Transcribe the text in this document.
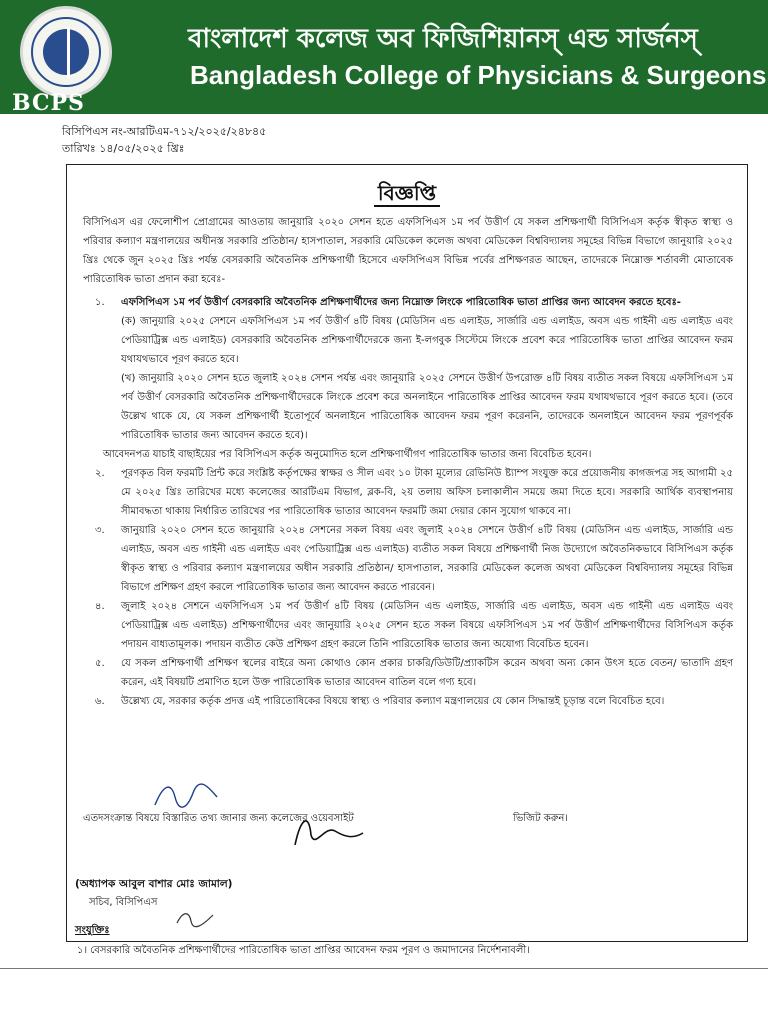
BCPS
বাংলাদেশ কলেজ অব ফিজিশিয়ানস্ এন্ড সার্জনস্
Bangladesh College of Physicians & Surgeons
বিসিপিএস নং-আরটিএম-৭১২/২০২৫/২৪৮৪৫
তারিখঃ ১৪/০৫/২০২৫ খ্রিঃ
বিজ্ঞপ্তি

বিসিপিএস এর ফেলোশীপ প্রোগ্রামের আওতায় জানুয়ারি ২০২০ সেশন হতে এফসিপিএস ১ম পর্ব উত্তীর্ণ যে সকল প্রশিক্ষণার্থী বিসিপিএস কর্তৃক স্বীকৃত স্বাস্থ্য ও পরিবার কল্যাণ মন্ত্রণালয়ের অধীনস্ত সরকারি প্রতিষ্ঠান/ হাসপাতাল, সরকারি মেডিকেল কলেজ অথবা মেডিকেল বিশ্ববিদ্যালয় সমূহের বিভিন্ন বিভাগে জানুয়ারি ২০২৫ খ্রিঃ থেকে জুন ২০২৫ খ্রিঃ পর্যন্ত বেসরকারি অবৈতনিক প্রশিক্ষণার্থী হিসেবে এফসিপিএস বিভিন্ন পর্বের প্রশিক্ষণরত আছেন, তাদেরকে নিম্নোক্ত শর্তাবলী মোতাবেক পারিতোষিক ভাতা প্রদান করা হবেঃ-

১.	এফসিপিএস ১ম পর্ব উত্তীর্ণ বেসরকারি অবৈতনিক প্রশিক্ষণার্থীদের জন্য নিম্নোক্ত লিংকে পারিতোষিক ভাতা প্রাপ্তির জন্য আবেদন করতে হবেঃ-

(ক) জানুয়ারি ২০২৫ সেশনে এফসিপিএস ১ম পর্ব উত্তীর্ণ ৪টি বিষয় (মেডিসিন এন্ড এলাইড, সার্জারি এন্ড এলাইড, অবস এন্ড গাইনী এন্ড এলাইড এবং পেডিয়াট্রিক্স এন্ড এলাইড) বেসরকারি অবৈতনিক প্রশিক্ষণার্থীদেরকে জন্য ই-লগবুক সিস্টেমে লিংকে প্রবেশ করে পারিতোষিক ভাতা প্রাপ্তির আবেদন ফরম যথাযথভাবে পূরণ করতে হবে।

(খ) জানুয়ারি ২০২০ সেশন হতে জুলাই ২০২৪ সেশন পর্যন্ত এবং জানুয়ারি ২০২৫ সেশনে উত্তীর্ণ উপরোক্ত ৪টি বিষয় ব্যতীত সকল বিষয়ে এফসিপিএস ১ম পর্ব উত্তীর্ণ বেসরকারি অবৈতনিক প্রশিক্ষণার্থীদেরকে লিংকে প্রবেশ করে অনলাইনে পারিতোষিক প্রাপ্তির আবেদন ফরম যথাযথভাবে পূরণ করতে হবে। (তবে উল্লেখ থাকে যে, যে সকল প্রশিক্ষণার্থী ইতোপূর্বে অনলাইনে পারিতোষিক আবেদন ফরম পূরণ করেননি, তাদেরকে অনলাইনে আবেদন ফরম পূরণপূর্বক পারিতোষিক ভাতার জন্য আবেদন করতে হবে)।

আবেদনপত্র যাচাই বাছাইয়ের পর বিসিপিএস কর্তৃক অনুমোদিত হলে প্রশিক্ষণার্থীগণ পারিতোষিক ভাতার জন্য বিবেচিত হবেন।

২.	পূরণকৃত বিল ফরমটি প্রিন্ট করে সংশ্লিষ্ট কর্তৃপক্ষের স্বাক্ষর ও সীল এবং ১০ টাকা মূল্যের রেভিনিউ ষ্ট্যাম্প সংযুক্ত করে প্রয়োজনীয় কাগজপত্র সহ আগামী ২৫ মে ২০২৫ খ্রিঃ তারিখের মধ্যে কলেজের আরটিএম বিভাগ, ব্লক-বি, ২য় তলায় অফিস চলাকালীন সময়ে জমা দিতে হবে। সরকারি আর্থিক ব্যবস্থাপনায় সীমাবদ্ধতা থাকায় নির্ধারিত তারিখের পর পারিতোষিক ভাতার আবেদন ফরমটি জমা দেয়ার কোন সুযোগ থাকবে না।
৩.	জানুয়ারি ২০২০ সেশন হতে জানুয়ারি ২০২৪ সেশনের সকল বিষয় এবং জুলাই ২০২৪ সেশনে উত্তীর্ণ ৪টি বিষয় (মেডিসিন এন্ড এলাইড, সার্জারি এন্ড এলাইড, অবস এন্ড গাইনী এন্ড এলাইড এবং পেডিয়াট্রিক্স এন্ড এলাইড) ব্যতীত সকল বিষয়ে প্রশিক্ষণার্থী নিজ উদ্যোগে অবৈতনিকভাবে বিসিপিএস কর্তৃক স্বীকৃত স্বাস্থ্য ও পরিবার কল্যাণ মন্ত্রণালয়ের অধীন সরকারি প্রতিষ্ঠান/ হাসপাতাল, সরকারি মেডিকেল কলেজ অথবা মেডিকেল বিশ্ববিদ্যালয় সমূহের বিভিন্ন বিভাগে প্রশিক্ষণ গ্রহণ করলে পারিতোষিক ভাতার জন্য আবেদন করতে পারবেন।
৪.	জুলাই ২০২৪ সেশনে এফসিপিএস ১ম পর্ব উত্তীর্ণ ৪টি বিষয় (মেডিসিন এন্ড এলাইড, সার্জারি এন্ড এলাইড, অবস এন্ড গাইনী এন্ড এলাইড এবং পেডিয়াট্রিক্স এন্ড এলাইড) প্রশিক্ষণার্থীদের এবং জানুয়ারি ২০২৫ সেশন হতে সকল বিষয়ে এফসিপিএস ১ম পর্ব উত্তীর্ণ প্রশিক্ষণার্থীদের বিসিপিএস কর্তৃক পদায়ন বাধ্যতামূলক। পদায়ন ব্যতীত কেউ প্রশিক্ষণ গ্রহণ করলে তিনি পারিতোষিক ভাতার জন্য অযোগ্য বিবেচিত হবেন।
৫.	যে সকল প্রশিক্ষণার্থী প্রশিক্ষণ স্থলের বাইরে অন্য কোথাও কোন প্রকার চাকরি/ডিউটি/প্র্যাকটিস করেন অথবা অন্য কোন উৎস হতে বেতন/ ভাতাদি গ্রহণ করেন, এই বিষয়টি প্রমাণিত হলে উক্ত পারিতোষিক ভাতার আবেদন বাতিল বলে গণ্য হবে।
৬.	উল্লেখ্য যে, সরকার কর্তৃক প্রদত্ত এই পারিতোষিকের বিষয়ে স্বাস্থ্য ও পরিবার কল্যাণ মন্ত্রণালয়ের যে কোন সিদ্ধান্তই চূড়ান্ত বলে বিবেচিত হবে।
এতদসংক্রান্ত বিষয়ে বিস্তারিত তথ্য জানার জন্য কলেজের ওয়েবসাইট	ভিজিট করুন।
(অধ্যাপক আবুল বাশার মোঃ জামাল)
সচিব, বিসিপিএস
সংযুক্তিঃ
১। বেসরকারি অবৈতনিক প্রশিক্ষণার্থীদের পারিতোষিক ভাতা প্রাপ্তির আবেদন ফরম পূরণ ও জমাদানের নির্দেশনাবলী।
